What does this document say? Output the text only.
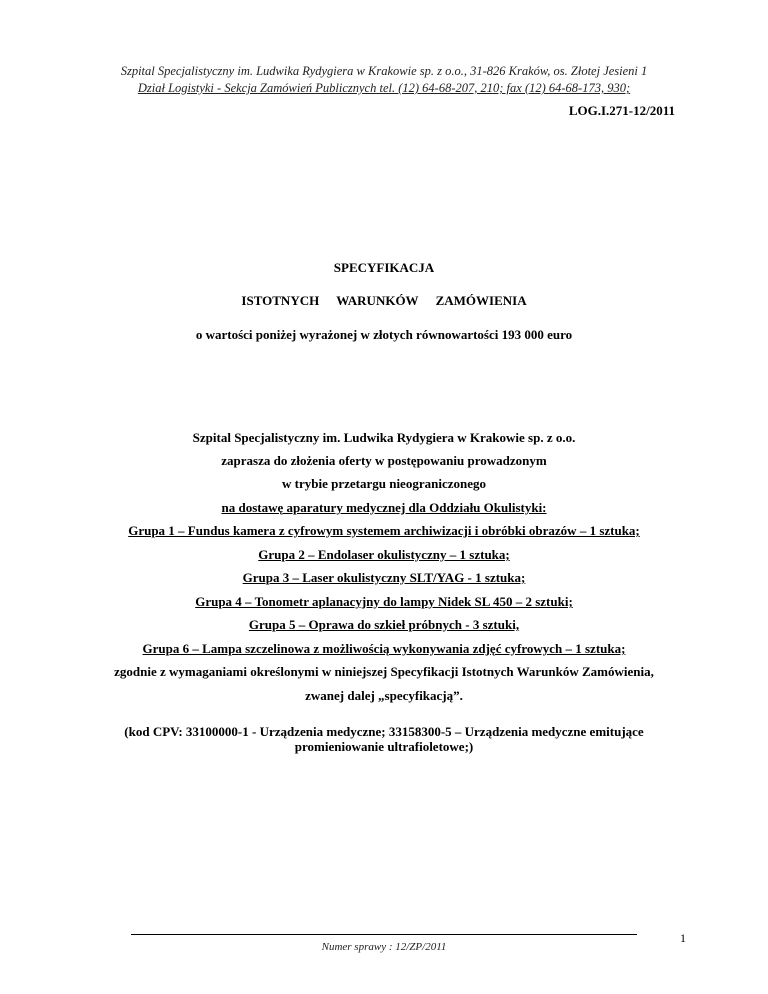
Szpital Specjalistyczny im. Ludwika Rydygiera w Krakowie sp. z o.o., 31-826 Kraków, os. Złotej Jesieni 1
Dział Logistyki - Sekcja Zamówień Publicznych tel. (12) 64-68-207, 210; fax (12) 64-68-173, 930;
LOG.I.271-12/2011
SPECYFIKACJA
ISTOTNYCH WARUNKÓW ZAMÓWIENIA
o wartości poniżej wyrażonej w złotych równowartości 193 000 euro
Szpital Specjalistyczny im. Ludwika Rydygiera w Krakowie sp. z o.o.
zaprasza do złożenia oferty w postępowaniu prowadzonym
w trybie przetargu nieograniczonego
na dostawę aparatury medycznej dla Oddziału Okulistyki:
Grupa 1 – Fundus kamera z cyfrowym systemem archiwizacji i obróbki obrazów – 1 sztuka;
Grupa 2 – Endolaser okulistyczny – 1 sztuka;
Grupa 3 – Laser okulistyczny SLT/YAG - 1 sztuka;
Grupa 4 – Tonometr aplanacyjny do lampy Nidek SL 450 – 2 sztuki;
Grupa 5 – Oprawa do szkieł próbnych - 3 sztuki,
Grupa 6 – Lampa szczelinowa z możliwością wykonywania zdjęć cyfrowych – 1 sztuka;
zgodnie z wymaganiami określonymi w niniejszej Specyfikacji Istotnych Warunków Zamówienia,
zwanej dalej „specyfikacją”.
(kod CPV: 33100000-1 - Urządzenia medyczne; 33158300-5 – Urządzenia medyczne emitujące promieniowanie ultrafioletowe;)
Numer sprawy : 12/ZP/2011
1
